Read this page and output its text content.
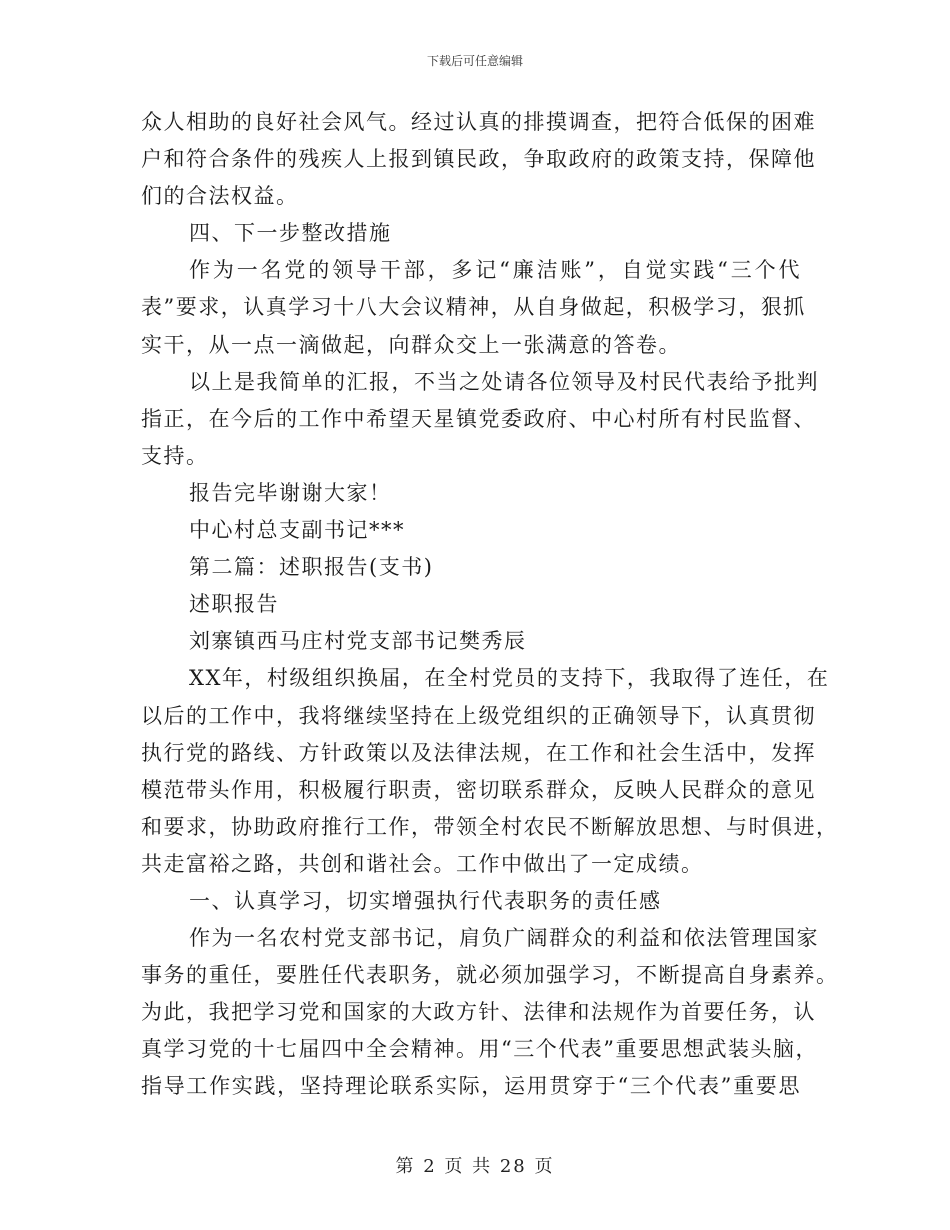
下载后可任意编辑

众人相助的良好社会风气。经过认真的排摸调查，把符合低保的困难

户和符合条件的残疾人上报到镇民政，争取政府的政策支持，保障他

们的合法权益。

四、下一步整改措施

作为一名党的领导干部，多记“廉洁账”，自觉实践“三个代

表”要求，认真学习十八大会议精神，从自身做起，积极学习，狠抓

实干，从一点一滴做起，向群众交上一张满意的答卷。

以上是我简单的汇报，不当之处请各位领导及村民代表给予批判

指正，在今后的工作中希望天星镇党委政府、中心村所有村民监督、

支持。

报告完毕谢谢大家！

中心村总支副书记***

第二篇：述职报告(支书)

述职报告

刘寨镇西马庄村党支部书记樊秀辰

XX年，村级组织换届，在全村党员的支持下，我取得了连任，在

以后的工作中，我将继续坚持在上级党组织的正确领导下，认真贯彻

执行党的路线、方针政策以及法律法规，在工作和社会生活中，发挥

模范带头作用，积极履行职责，密切联系群众，反映人民群众的意见

和要求，协助政府推行工作，带领全村农民不断解放思想、与时俱进，

共走富裕之路，共创和谐社会。工作中做出了一定成绩。

一、认真学习，切实增强执行代表职务的责任感

作为一名农村党支部书记，肩负广阔群众的利益和依法管理国家

事务的重任，要胜任代表职务，就必须加强学习，不断提高自身素养。

为此，我把学习党和国家的大政方针、法律和法规作为首要任务，认

真学习党的十七届四中全会精神。用“三个代表”重要思想武装头脑，

指导工作实践，坚持理论联系实际，运用贯穿于“三个代表”重要思

第 2 页 共 28 页
